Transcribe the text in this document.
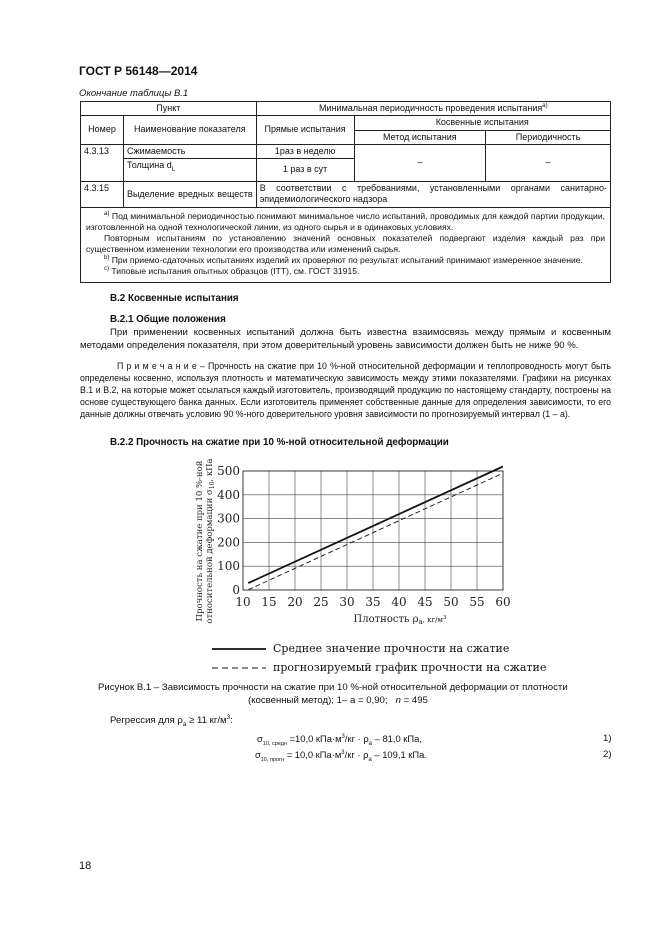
ГОСТ Р 56148—2014
Окончание таблицы В.1
Пункт		Минимальная периодичность проведения испытания$^{а)}$
Номер	Наименование показателя	Прямые испытания	Косвенные испытания	
			Метод испытания	Периодичность
4.3.13	Сжимаемость	1раз в неделю	–	–
	Толщина $d_L$	1 раз в сут		
4.3.15	Выделение вредных веществ	В соответствии с требованиями, установленными органами санитарно-эпидемиологического надзора		

$^{а)}$ Под минимальной периодичностью понимают минимальное число испытаний, проводимых для каждой партии продукции, изготовленной на одной технологической линии, из одного сырья и в одинаковых условиях.

Повторным испытаниям по установлению значений основных показателей подвергают изделия каждый раз при существенном изменении технологии его производства или изменений сырья.

$^{b)}$ При приемо-сдаточных испытаниях изделий их проверяют по результат испытаний принимают измеренное значение.

$^{с)}$ Типовые испытания опытных образцов (ITT), см. ГОСТ 31915.				

В.2 Косвенные испытания
В.2.1 Общие положения

При применении косвенных испытаний должна быть известна взаимосвязь между прямым и косвенным методами определения показателя, при этом доверительный уровень зависимости должен быть не ниже 90 %.

П р и м е ч а н и е – Прочность на сжатие при 10 %-ной относительной деформации и теплопроводность могут быть определены косвенно, используя плотность и математическую зависимость между этими показателями. Графики на рисунках В.1 и В.2, на которые может ссылаться каждый изготовитель, производящий продукцию по настоящему стандарту, построены на основе существующего банка данных. Если изготовитель применяет собственные данные для определения зависимости, то его данные должны отвечать условию 90 %-ного доверительного уровня зависимости по прогнозируемый интервал (1 – а).

В.2.2 Прочность на сжатие при 10 %-ной относительной деформации
10 15 20 25 30 35 40 45 50 55 60
0
100
200
300
400
500
Прочность на сжатие при 10 %-ной относительной деформации $\sigma_{10}$, кПа
Плотность $\rho_а^{, кг/м3}$
Среднее значение прочности на сжатие
прогнозируемый график прочности на сжатие
Рисунок В.1 – Зависимость прочности на сжатие при 10 %-ной относительной деформации от плотности
(косвенный метод); 1– а = 0,90; n = 495
Регрессия для $\rho_а \ge 11$ $кг/м^3$:
$\sigma_{10, средн} =10,0$ $кПа\cdot м^3/кг \cdot \rho_а - 81,0$ кПа,	1)
$\sigma_{10, прогн} = 10,0$ $кПа\cdot м^3/кг \cdot \rho_а - 109,1$ кПа.	2)
18
